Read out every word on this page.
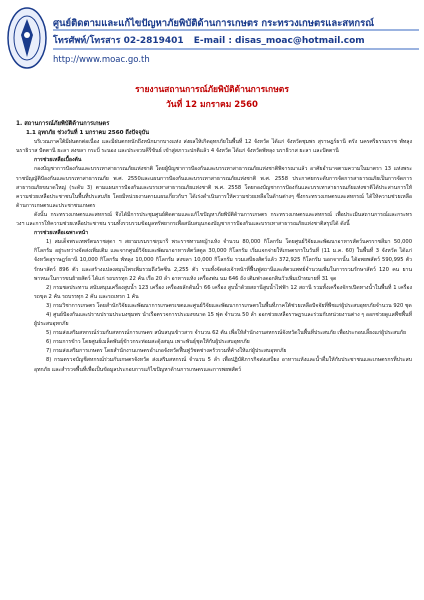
ศูนย์ติดตามและแก้ไขปัญหาภัยพิบัติด้านการเกษตร กระทรวงเกษตรและสหกรณ์
โทรศัพท์/โทรสาร 02-2819401 E-mail : disas_moac@hotmail.com
http://www.moac.go.th
รายงานสถานการณ์ภัยพิบัติด้านการเกษตร
วันที่ 12 มกราคม 2560

1. สถานการณ์ภัยพิบัติด้านการเกษตร

1.1 อุทกภัย ช่วงวันที่ 1 มกราคม 2560 ถึงปัจจุบัน

บริเวณภาคใต้มีฝนตกต่อเนื่อง และมีฝนตกหนักถึงหนักมากบางแห่ง ส่งผลให้เกิดอุทกภัยในพื้นที่ 12 จังหวัด ได้แก่ จังหวัดชุมพร สุราษฎร์ธานี ตรัง นครศรีธรรมราช พัทลุง นราธิวาส ปัตตานี ยะลา สงขลา กระบี่ ระนอง และประจวบคีรีขันธ์ เข้าสู่สภาวะปกติแล้ว 4 จังหวัด ได้แก่ จังหวัดพัทลุง นราธิวาส ยะลา และปัตตานี

การช่วยเหลือเบื้องต้น

กองบัญชาการป้องกันและบรรเทาสาธารณภัยแห่งชาติ โดยผู้บัญชาการป้องกันและบรรเทาสาธารณภัยแห่งชาติพิจารณาแล้ว อาศัยอำนาจตามความในมาตรา 13 แห่งพระราชบัญญัติป้องกันและบรรเทาสาธารณภัย พ.ศ. 2550และแผนการป้องกันและบรรเทาสาธารณภัยแห่งชาติ พ.ศ. 2558 ประกาศยกระดับการจัดการสาธารณภัยเป็นการจัดการสาธารณภัยขนาดใหญ่ (ระดับ 3) ตามแผนการป้องกันและบรรเทาสาธารณภัยแห่งชาติ พ.ศ. 2558 โดยกองบัญชาการป้องกันและบรรเทาสาธารณภัยแห่งชาติได้ประสานการให้ความช่วยเหลือประชาชนในพื้นที่ประสบภัย โดยมีหน่วยงานตามแผนเกี่ยวกับฯ ได้เร่งดำเนินการให้ความช่วยเหลือในด้านต่างๆ ซึ่งกระทรวงเกษตรและสหกรณ์ ได้ให้ความช่วยเหลือด้านการเกษตรและประชาชนเกษตร

ดังนั้น กระทรวงเกษตรและสหกรณ์ จึงได้มีการประชุมศูนย์ติดตามและแก้ไขปัญหาภัยพิบัติด้านการเกษตร กระทรวงเกษตรและสหกรณ์ เพื่อประเมินสถานการณ์และกระทรวงฯ และการให้ความช่วยเหลือประชาชน รวมทั้งรวบรวมข้อมูลทรัพยากรเพื่อสนับสนุนกองบัญชาการป้องกันและบรรเทาสาธารณภัยแห่งชาติสรุปได้ ดังนี้

การช่วยเหลือเฉพาะหน้า

1) สมเด็จพระเทพรัตนราชสุดา ฯ สยามบรมราชกุมารี พระราชทานหญ้าแห้ง จำนวน 80,000 กิโลกรัม โดยศูนย์วิจัยและพัฒนาอาหารสัตว์นครราชสีมา 50,000 กิโลกรัม อยู่ระหว่างจัดส่งเพิ่มเติม และจากศูนย์วิจัยและพัฒนาอาหารสัตว์สตูล 30,000 กิโลกรัม เริ่มแจกจ่ายให้เกษตรกรในวันที่ (11 ม.ค. 60) ในพื้นที่ 3 จังหวัด ได้แก่ จังหวัดสุราษฎร์ธานี 10,000 กิโลกรัม พัทลุง 10,000 กิโลกรัม สงขลา 10,000 กิโลกรัม รวมเสบียงสัตว์แล้ว 372,925 กิโลกรัม นอกจากนั้น ได้อพยพสัตว์ 590,995 ตัว รักษาสัตว์ 896 ตัว และสร้างแปลงสมุนไพรเพิ่มรวมถึงวัคซีน 2,255 ตัว รวมทั้งจัดส่งเจ้าหน้าที่ฟื้นฟูสถานีและสัตวแพทย์จำนวนเพิ่มในการรวมรักษาสัตว์ 120 คน ยานพาหนะในการขนย้ายสัตว์ ได้แก่ รถบรรทุก 22 คัน เรือ 20 ลำ อาหารแห้ง เครื่องพ่น นม 646 ถัง เติมฟางดอกสินวัวเพิ่มเป้าหมายที่ 31 จุด

2) กรมชลประทาน สนับสนุนเครื่องสูบน้ำ 123 เครื่อง เครื่องผลักดันน้ำ 66 เครื่อง สูบน้ำด้วยสถานีสูบน้ำไฟฟ้า 12 สถานี รวมทั้งเครื่องจักรเปิดทางน้ำในพื้นที่ 1 เครื่อง รถขุด 2 คัน รถบรรทุก 2 คัน และรถเทรก 1 คัน

3) กรมวิชาการเกษตร โดยสำนักวิจัยและพัฒนาการเกษตรเขตและศูนย์วิจัยและพัฒนาการเกษตรในพื้นที่ภาคใต้ช่วยเหลือปัจจัยที่พืชแก่ผู้ประสบอุทกภัยจำนวน 920 ชุด

4) ศูนย์ป้องกันและปราบปรามประมงชุมพร นำเรือตรวจการประมงขนาด 15 ฟุต จำนวน 50 ลำ ออกช่วยเหลือราษฎรและร่วมกับหน่วยงานต่าง ๆ ออกช่วยดูแลพืชพื้นที่ผู้ประสบอุทกภัย

5) กรมส่งเสริมสหกรณ์ร่วมกับสหกรณ์การเกษตร สนับสนุนข้าวสาร จำนวน 62 ตัน เพื่อให้สำนักงานสหกรณ์จังหวัดในพื้นที่ประสบภัย เพื่อประกอบเลี้ยงแก่ผู้ประสบภัย

6) กรมการข้าว โดยศูนย์เมล็ดพันธุ์ข้าวกระท่อมสะดุ้งสนุน เพาะพันธุ์ชุดให้กับผู้ประสบอุทกภัย

7) กรมส่งเสริมการเกษตร โดยสำนักงานเกษตรอำเภอจังหวัดฟื้นฟูวัชตช่างครัวรวมที่ค้างให้แก่ผู้ประสบอุทกภัย

8) กรมตรวจบัญชีสหกรณ์ร่วมกับเกษตรจังหวัด ส่งเสริมสหกรณ์ จำนวน 5 ลำ เพื่อปฏิบัติภารกิจส่งเสบียง อาหารแห้งและน้ำดื่มให้กับประชาชนและเกษตรกรที่ประสบอุทกภัย และสำรวจพื้นที่เพื่อเป็นข้อมูลประกอบการแก้ไขปัญหาด้านการเกษตรและการพยพสัตว์
